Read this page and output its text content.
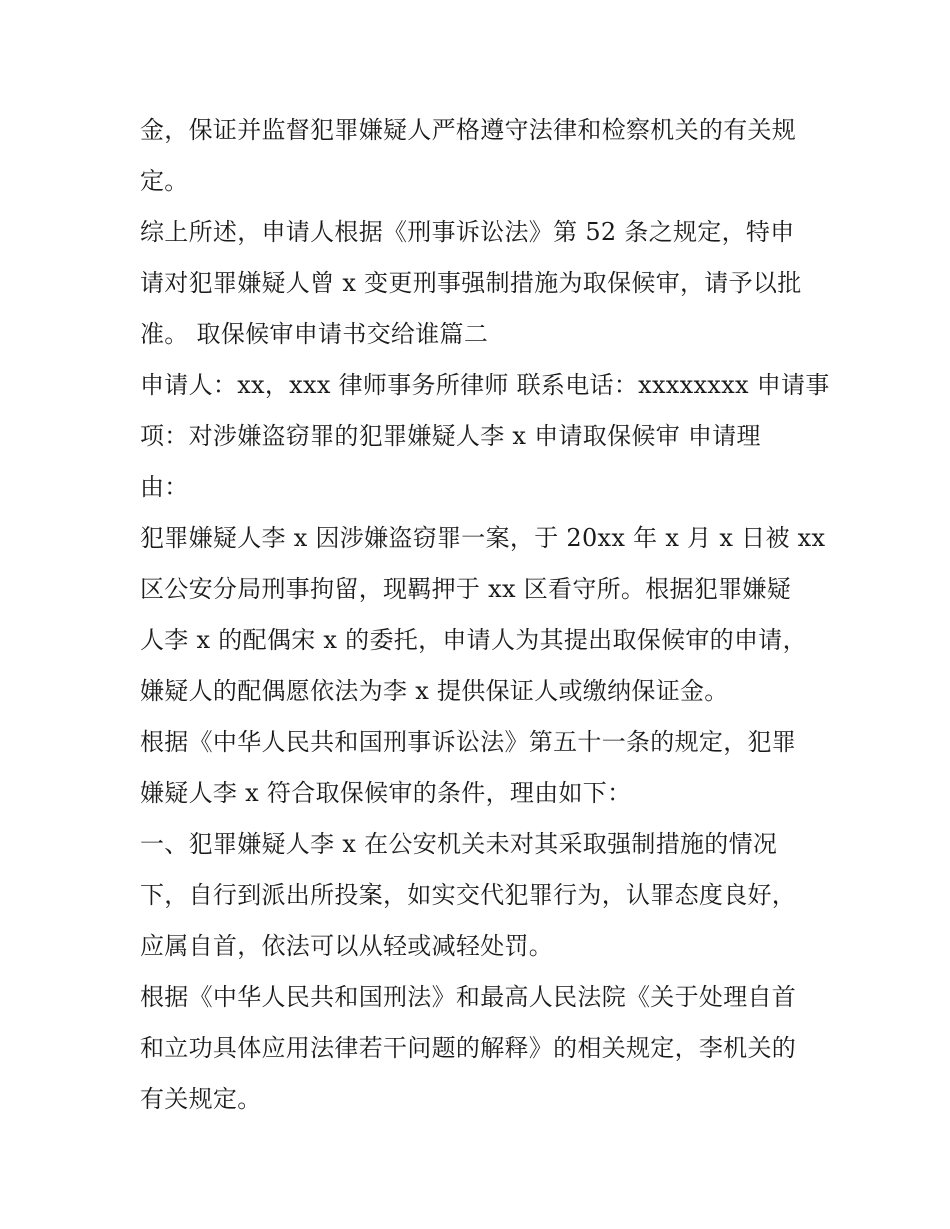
金，保证并监督犯罪嫌疑人严格遵守法律和检察机关的有关规
定。
综上所述，申请人根据《刑事诉讼法》第 52 条之规定，特申
请对犯罪嫌疑人曾 x 变更刑事强制措施为取保候审，请予以批
准。 取保候审申请书交给谁篇二
申请人：xx，xxx 律师事务所律师 联系电话：xxxxxxxx 申请事
项：对涉嫌盗窃罪的犯罪嫌疑人李 x 申请取保候审 申请理
由：
犯罪嫌疑人李 x 因涉嫌盗窃罪一案，于 20xx 年 x 月 x 日被 xx
区公安分局刑事拘留，现羁押于 xx 区看守所。根据犯罪嫌疑
人李 x 的配偶宋 x 的委托，申请人为其提出取保候审的申请，
嫌疑人的配偶愿依法为李 x 提供保证人或缴纳保证金。
根据《中华人民共和国刑事诉讼法》第五十一条的规定，犯罪
嫌疑人李 x 符合取保候审的条件，理由如下：
一、犯罪嫌疑人李 x 在公安机关未对其采取强制措施的情况
下，自行到派出所投案，如实交代犯罪行为，认罪态度良好，
应属自首，依法可以从轻或减轻处罚。
根据《中华人民共和国刑法》和最高人民法院《关于处理自首
和立功具体应用法律若干问题的解释》的相关规定，李机关的
有关规定。
